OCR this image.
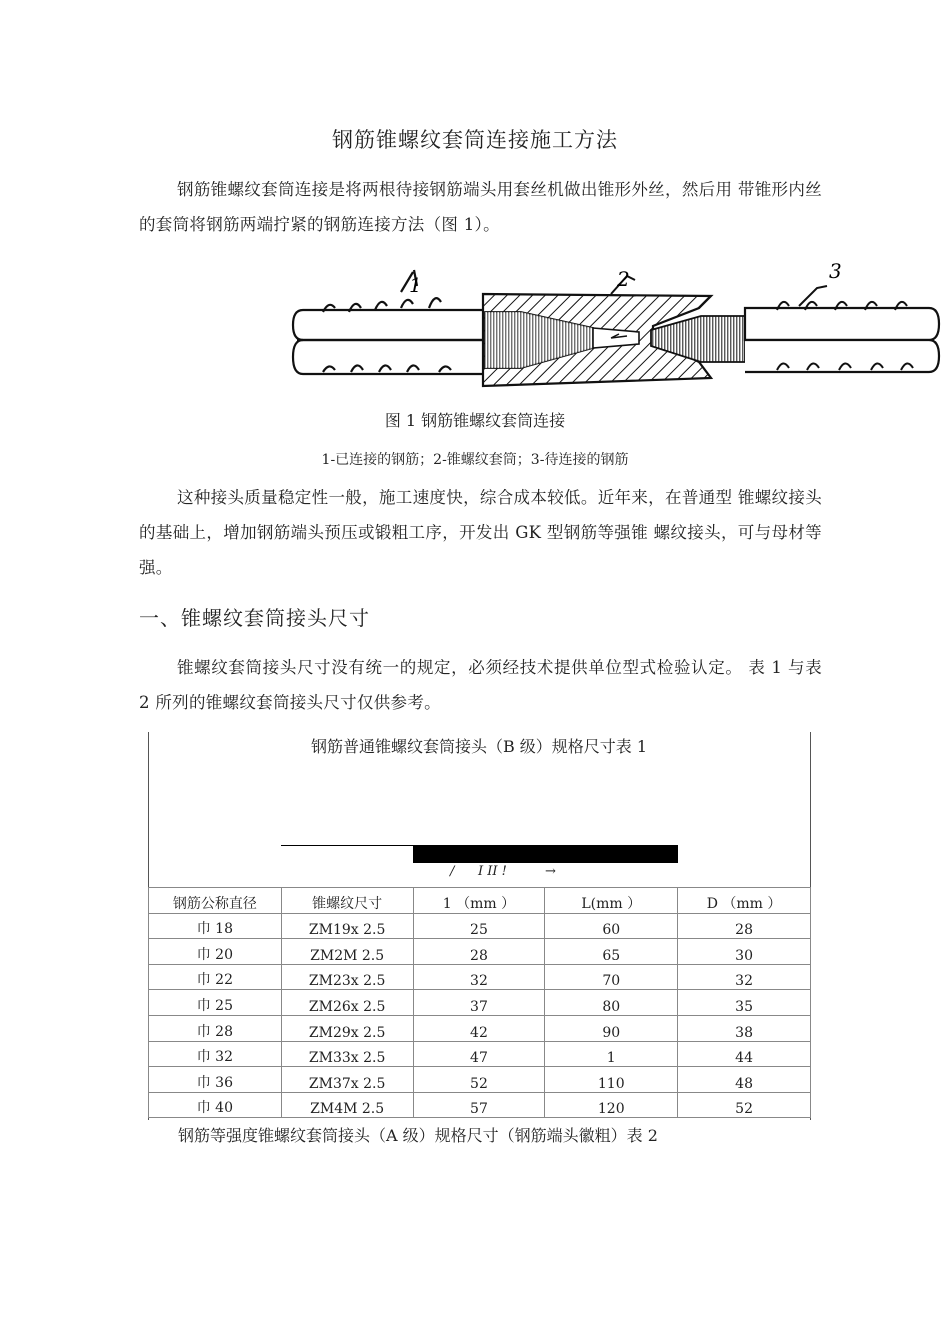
钢筋锥螺纹套筒连接施工方法
钢筋锥螺纹套筒连接是将两根待接钢筋端头用套丝机做出锥形外丝，然后用 带锥形内丝的套筒将钢筋两端拧紧的钢筋连接方法（图 1）。
1	2	3
图 1 钢筋锥螺纹套筒连接
1-已连接的钢筋；2-锥螺纹套筒；3-待连接的钢筋
这种接头质量稳定性一般，施工速度快，综合成本较低。近年来，在普通型 锥螺纹接头的基础上，增加钢筋端头预压或锻粗工序，开发出 GK 型钢筋等强锥 螺纹接头，可与母材等强。
一、锥螺纹套筒接头尺寸
锥螺纹套筒接头尺寸没有统一的规定，必须经技术提供单位型式检验认定。 表 1 与表 2 所列的锥螺纹套筒接头尺寸仅供参考。
钢筋普通锥螺纹套筒接头（B 级）规格尺寸表 1
/ I II !	→
钢筋公称直径	锥螺纹尺寸	1 （mm ）	L(mm ）	D （mm ）
巾 18	ZM19x 2.5	25	60	28
巾 20	ZM2M 2.5	28	65	30
巾 22	ZM23x 2.5	32	70	32
巾 25	ZM26x 2.5	37	80	35
巾 28	ZM29x 2.5	42	90	38
巾 32	ZM33x 2.5	47	1	44
巾 36	ZM37x 2.5	52	110	48
巾 40	ZM4M 2.5	57	120	52
钢筋等强度锥螺纹套筒接头（A 级）规格尺寸（钢筋端头徽粗）表 2
